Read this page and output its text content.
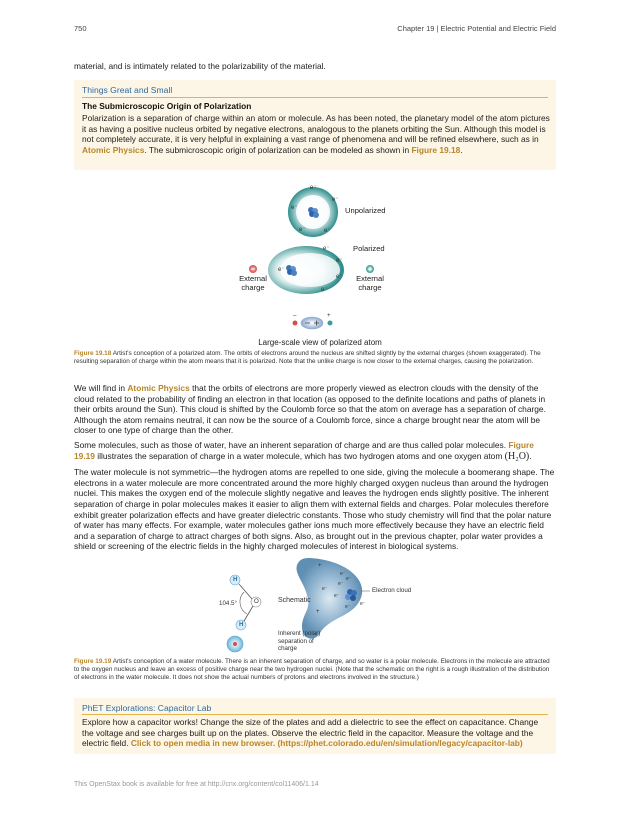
750	Chapter 19 | Electric Potential and Electric Field
material, and is intimately related to the polarizability of the material.
Things Great and Small
The Submicroscopic Origin of Polarization
Polarization is a separation of charge within an atom or molecule. As has been noted, the planetary model of the atom pictures it as having a positive nucleus orbited by negative electrons, analogous to the planets orbiting the Sun. Although this model is not completely accurate, it is very helpful in explaining a vast range of phenomena and will be refined elsewhere, such as in Atomic Physics. The submicroscopic origin of polarization can be modeled as shown in Figure 19.18.
e⁻
e⁻
e⁻
e⁻	e⁻
e⁻
e⁻
e⁻
e⁻
e⁻
Unpolarized
Polarized
External charge
External charge
–	+
Large-scale view of polarized atom
Figure 19.18 Artist's conception of a polarized atom. The orbits of electrons around the nucleus are shifted slightly by the external charges (shown exaggerated). The resulting separation of charge within the atom means that it is polarized. Note that the unlike charge is now closer to the external charges, causing the polarization.

We will find in Atomic Physics that the orbits of electrons are more properly viewed as electron clouds with the density of the cloud related to the probability of finding an electron in that location (as opposed to the definite locations and paths of planets in their orbits around the Sun). This cloud is shifted by the Coulomb force so that the atom on average has a separation of charge. Although the atom remains neutral, it can now be the source of a Coulomb force, since a charge brought near the atom will be closer to one type of charge than the other.

Some molecules, such as those of water, have an inherent separation of charge and are thus called polar molecules. Figure 19.19 illustrates the separation of charge in a water molecule, which has two hydrogen atoms and one oxygen atom (H₂O).

The water molecule is not symmetric—the hydrogen atoms are repelled to one side, giving the molecule a boomerang shape. The electrons in a water molecule are more concentrated around the more highly charged oxygen nucleus than around the hydrogen nuclei. This makes the oxygen end of the molecule slightly negative and leaves the hydrogen ends slightly positive. The inherent separation of charge in polar molecules makes it easier to align them with external fields and charges. Polar molecules therefore exhibit greater polarization effects and have greater dielectric constants. Those who study chemistry will find that the polar nature of water has many effects. For example, water molecules gather ions much more effectively because they have an electric field and a separation of charge to attract charges of both signs. Also, as brought out in the previous chapter, polar water provides a shield or screening of the electric fields in the highly charged molecules of interest in biological systems.

e⁻
e⁻
e⁻
e⁻
e⁻
e⁻
e⁻
+
+
H
O
H
104.5°	Schematic
Electron cloud
Inherent (polar) separation of charge
Figure 19.19 Artist's conception of a water molecule. There is an inherent separation of charge, and so water is a polar molecule. Electrons in the molecule are attracted to the oxygen nucleus and leave an excess of positive charge near the two hydrogen nuclei. (Note that the schematic on the right is a rough illustration of the distribution of electrons in the water molecule. It does not show the actual numbers of protons and electrons involved in the structure.)
PhET Explorations: Capacitor Lab
Explore how a capacitor works! Change the size of the plates and add a dielectric to see the effect on capacitance. Change the voltage and see charges built up on the plates. Observe the electric field in the capacitor. Measure the voltage and the electric field. Click to open media in new browser. (https://phet.colorado.edu/en/simulation/legacy/capacitor-lab)
This OpenStax book is available for free at http://cnx.org/content/col11406/1.14
